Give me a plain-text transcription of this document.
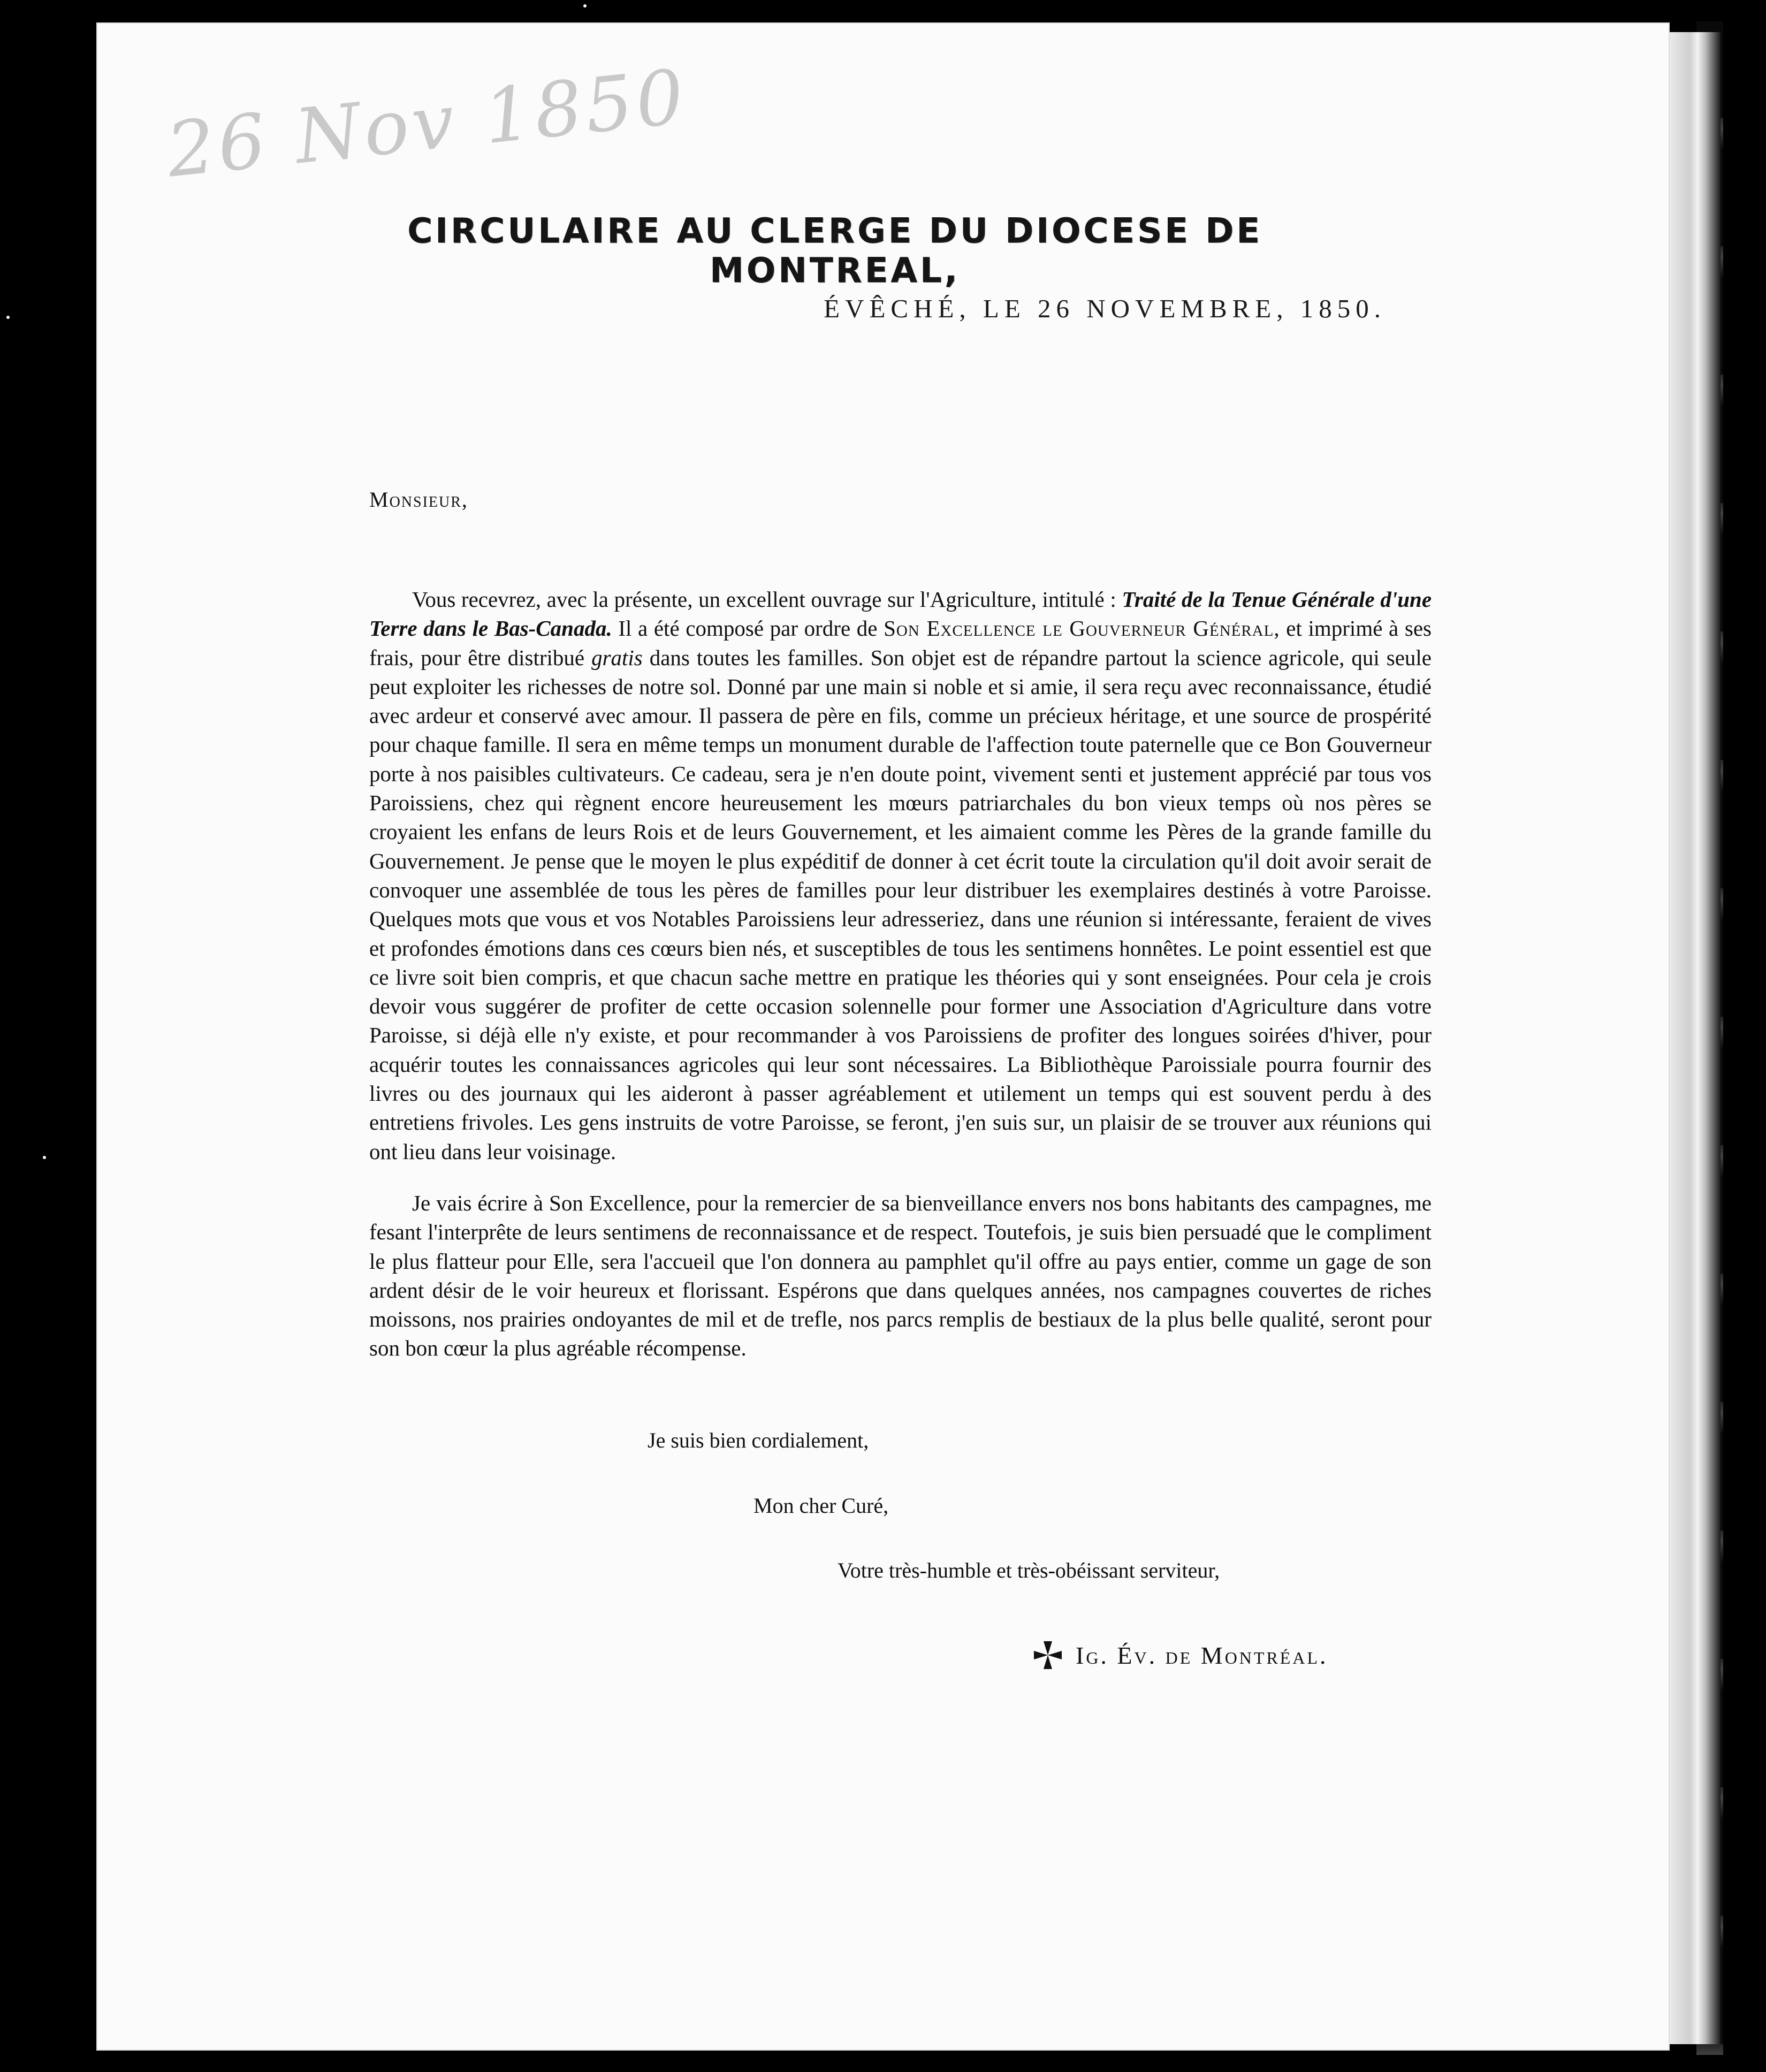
26 Nov 1850
CIRCULAIRE AU CLERGE DU DIOCESE DE MONTREAL,
ÉVÊCHÉ, LE 26 NOVEMBRE, 1850.
Monsieur,

Vous recevrez, avec la présente, un excellent ouvrage sur l'Agriculture, intitulé : Traité de la Tenue Générale d'une Terre dans le Bas-Canada. Il a été composé par ordre de Son Excellence le Gouverneur Général, et imprimé à ses frais, pour être distribué gratis dans toutes les familles. Son objet est de répandre partout la science agricole, qui seule peut exploiter les richesses de notre sol. Donné par une main si noble et si amie, il sera reçu avec reconnaissance, étudié avec ardeur et conservé avec amour. Il passera de père en fils, comme un précieux héritage, et une source de prospérité pour chaque famille. Il sera en même temps un monument durable de l'affection toute paternelle que ce Bon Gouverneur porte à nos paisibles cultivateurs. Ce cadeau, sera je n'en doute point, vivement senti et justement apprécié par tous vos Paroissiens, chez qui règnent encore heureusement les mœurs patriarchales du bon vieux temps où nos pères se croyaient les enfans de leurs Rois et de leurs Gouvernement, et les aimaient comme les Pères de la grande famille du Gouvernement. Je pense que le moyen le plus expéditif de donner à cet écrit toute la circulation qu'il doit avoir serait de convoquer une assemblée de tous les pères de familles pour leur distribuer les exemplaires destinés à votre Paroisse. Quelques mots que vous et vos Notables Paroissiens leur adresseriez, dans une réunion si intéressante, feraient de vives et profondes émotions dans ces cœurs bien nés, et susceptibles de tous les sentimens honnêtes. Le point essentiel est que ce livre soit bien compris, et que chacun sache mettre en pratique les théories qui y sont enseignées. Pour cela je crois devoir vous suggérer de profiter de cette occasion solennelle pour former une Association d'Agriculture dans votre Paroisse, si déjà elle n'y existe, et pour recommander à vos Paroissiens de profiter des longues soirées d'hiver, pour acquérir toutes les connaissances agricoles qui leur sont nécessaires. La Bibliothèque Paroissiale pourra fournir des livres ou des journaux qui les aideront à passer agréablement et utilement un temps qui est souvent perdu à des entretiens frivoles. Les gens instruits de votre Paroisse, se feront, j'en suis sur, un plaisir de se trouver aux réunions qui ont lieu dans leur voisinage.

Je vais écrire à Son Excellence, pour la remercier de sa bienveillance envers nos bons habitants des campagnes, me fesant l'interprête de leurs sentimens de reconnaissance et de respect. Toutefois, je suis bien persuadé que le compliment le plus flatteur pour Elle, sera l'accueil que l'on donnera au pamphlet qu'il offre au pays entier, comme un gage de son ardent désir de le voir heureux et florissant. Espérons que dans quelques années, nos campagnes couvertes de riches moissons, nos prairies ondoyantes de mil et de trefle, nos parcs remplis de bestiaux de la plus belle qualité, seront pour son bon cœur la plus agréable récompense.

Je suis bien cordialement,
Mon cher Curé,
Votre très-humble et très-obéissant serviteur,
Ig. Év. de Montréal.
